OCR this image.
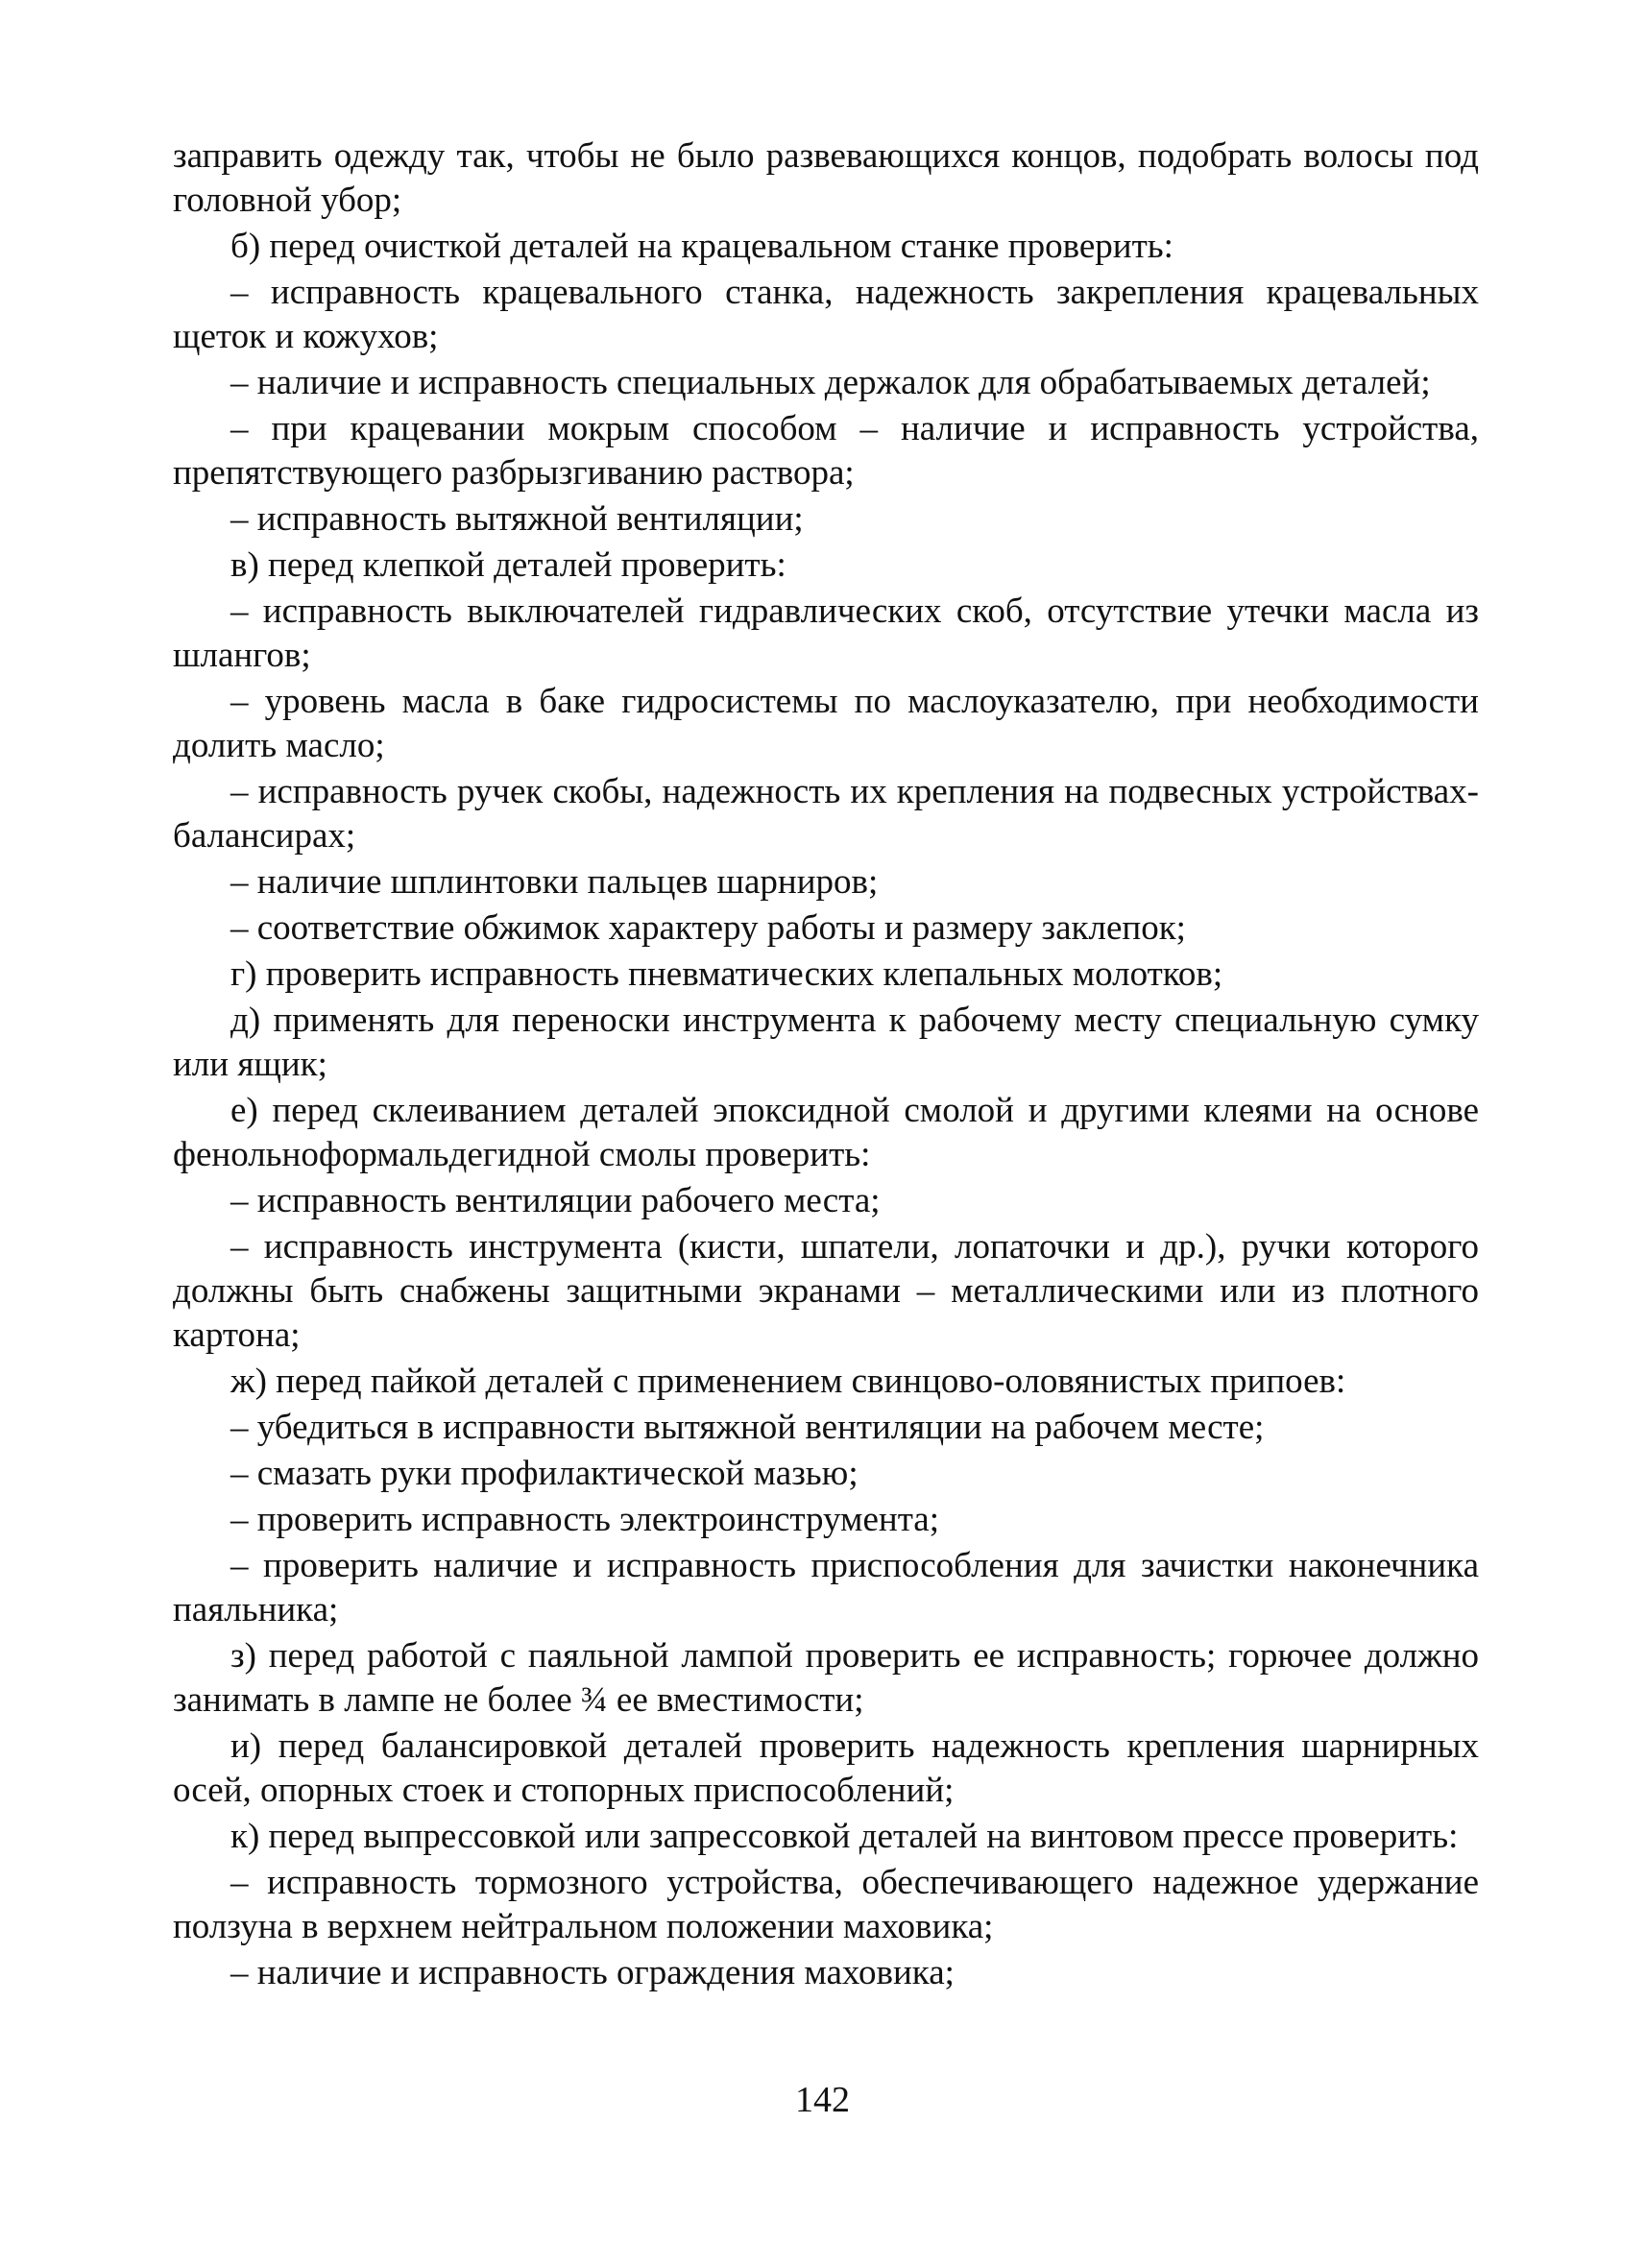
заправить одежду так, чтобы не было развевающихся концов, подобрать волосы под головной убор;

б) перед очисткой деталей на крацевальном станке проверить:

– исправность крацевального станка, надежность закрепления крацевальных щеток и кожухов;

– наличие и исправность специальных держалок для обрабатываемых деталей;

– при крацевании мокрым способом – наличие и исправность устройства, препятствующего разбрызгиванию раствора;

– исправность вытяжной вентиляции;

в) перед клепкой деталей проверить:

– исправность выключателей гидравлических скоб, отсутствие утечки масла из шлангов;

– уровень масла в баке гидросистемы по маслоуказателю, при необходимости долить масло;

– исправность ручек скобы, надежность их крепления на подвесных устройствах-балансирах;

– наличие шплинтовки пальцев шарниров;

– соответствие обжимок характеру работы и размеру заклепок;

г) проверить исправность пневматических клепальных молотков;

д) применять для переноски инструмента к рабочему месту специальную сумку или ящик;

е) перед склеиванием деталей эпоксидной смолой и другими клеями на основе фенольноформальдегидной смолы проверить:

– исправность вентиляции рабочего места;

– исправность инструмента (кисти, шпатели, лопаточки и др.), ручки которого должны быть снабжены защитными экранами – металлическими или из плотного картона;

ж) перед пайкой деталей с применением свинцово-оловянистых припоев:

– убедиться в исправности вытяжной вентиляции на рабочем месте;

– смазать руки профилактической мазью;

– проверить исправность электроинструмента;

– проверить наличие и исправность приспособления для зачистки наконечника паяльника;

з) перед работой с паяльной лампой проверить ее исправность; горючее должно занимать в лампе не более ¾ ее вместимости;

и) перед балансировкой деталей проверить надежность крепления шарнирных осей, опорных стоек и стопорных приспособлений;

к) перед выпрессовкой или запрессовкой деталей на винтовом прессе проверить:

– исправность тормозного устройства, обеспечивающего надежное удержание ползуна в верхнем нейтральном положении маховика;

– наличие и исправность ограждения маховика;

142
